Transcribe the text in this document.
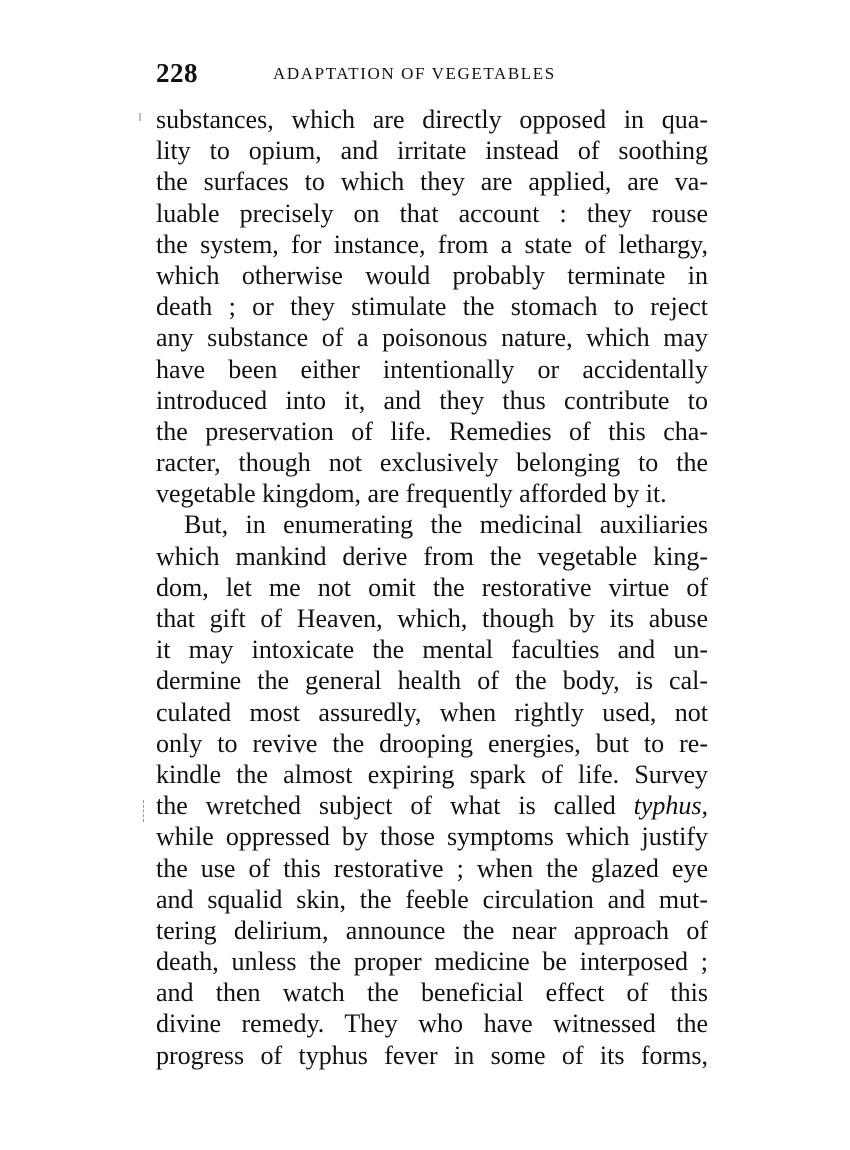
228	ADAPTATION OF VEGETABLES
substances, which are directly opposed in qua-
lity to opium, and irritate instead of soothing
the surfaces to which they are applied, are va-
luable precisely on that account : they rouse
the system, for instance, from a state of lethargy,
which otherwise would probably terminate in
death ; or they stimulate the stomach to reject
any substance of a poisonous nature, which may
have been either intentionally or accidentally
introduced into it, and they thus contribute to
the preservation of life. Remedies of this cha-
racter, though not exclusively belonging to the
vegetable kingdom, are frequently afforded by it.
But, in enumerating the medicinal auxiliaries
which mankind derive from the vegetable king-
dom, let me not omit the restorative virtue of
that gift of Heaven, which, though by its abuse
it may intoxicate the mental faculties and un-
dermine the general health of the body, is cal-
culated most assuredly, when rightly used, not
only to revive the drooping energies, but to re-
kindle the almost expiring spark of life. Survey
the wretched subject of what is called typhus,
while oppressed by those symptoms which justify
the use of this restorative ; when the glazed eye
and squalid skin, the feeble circulation and mut-
tering delirium, announce the near approach of
death, unless the proper medicine be interposed ;
and then watch the beneficial effect of this
divine remedy. They who have witnessed the
progress of typhus fever in some of its forms,
